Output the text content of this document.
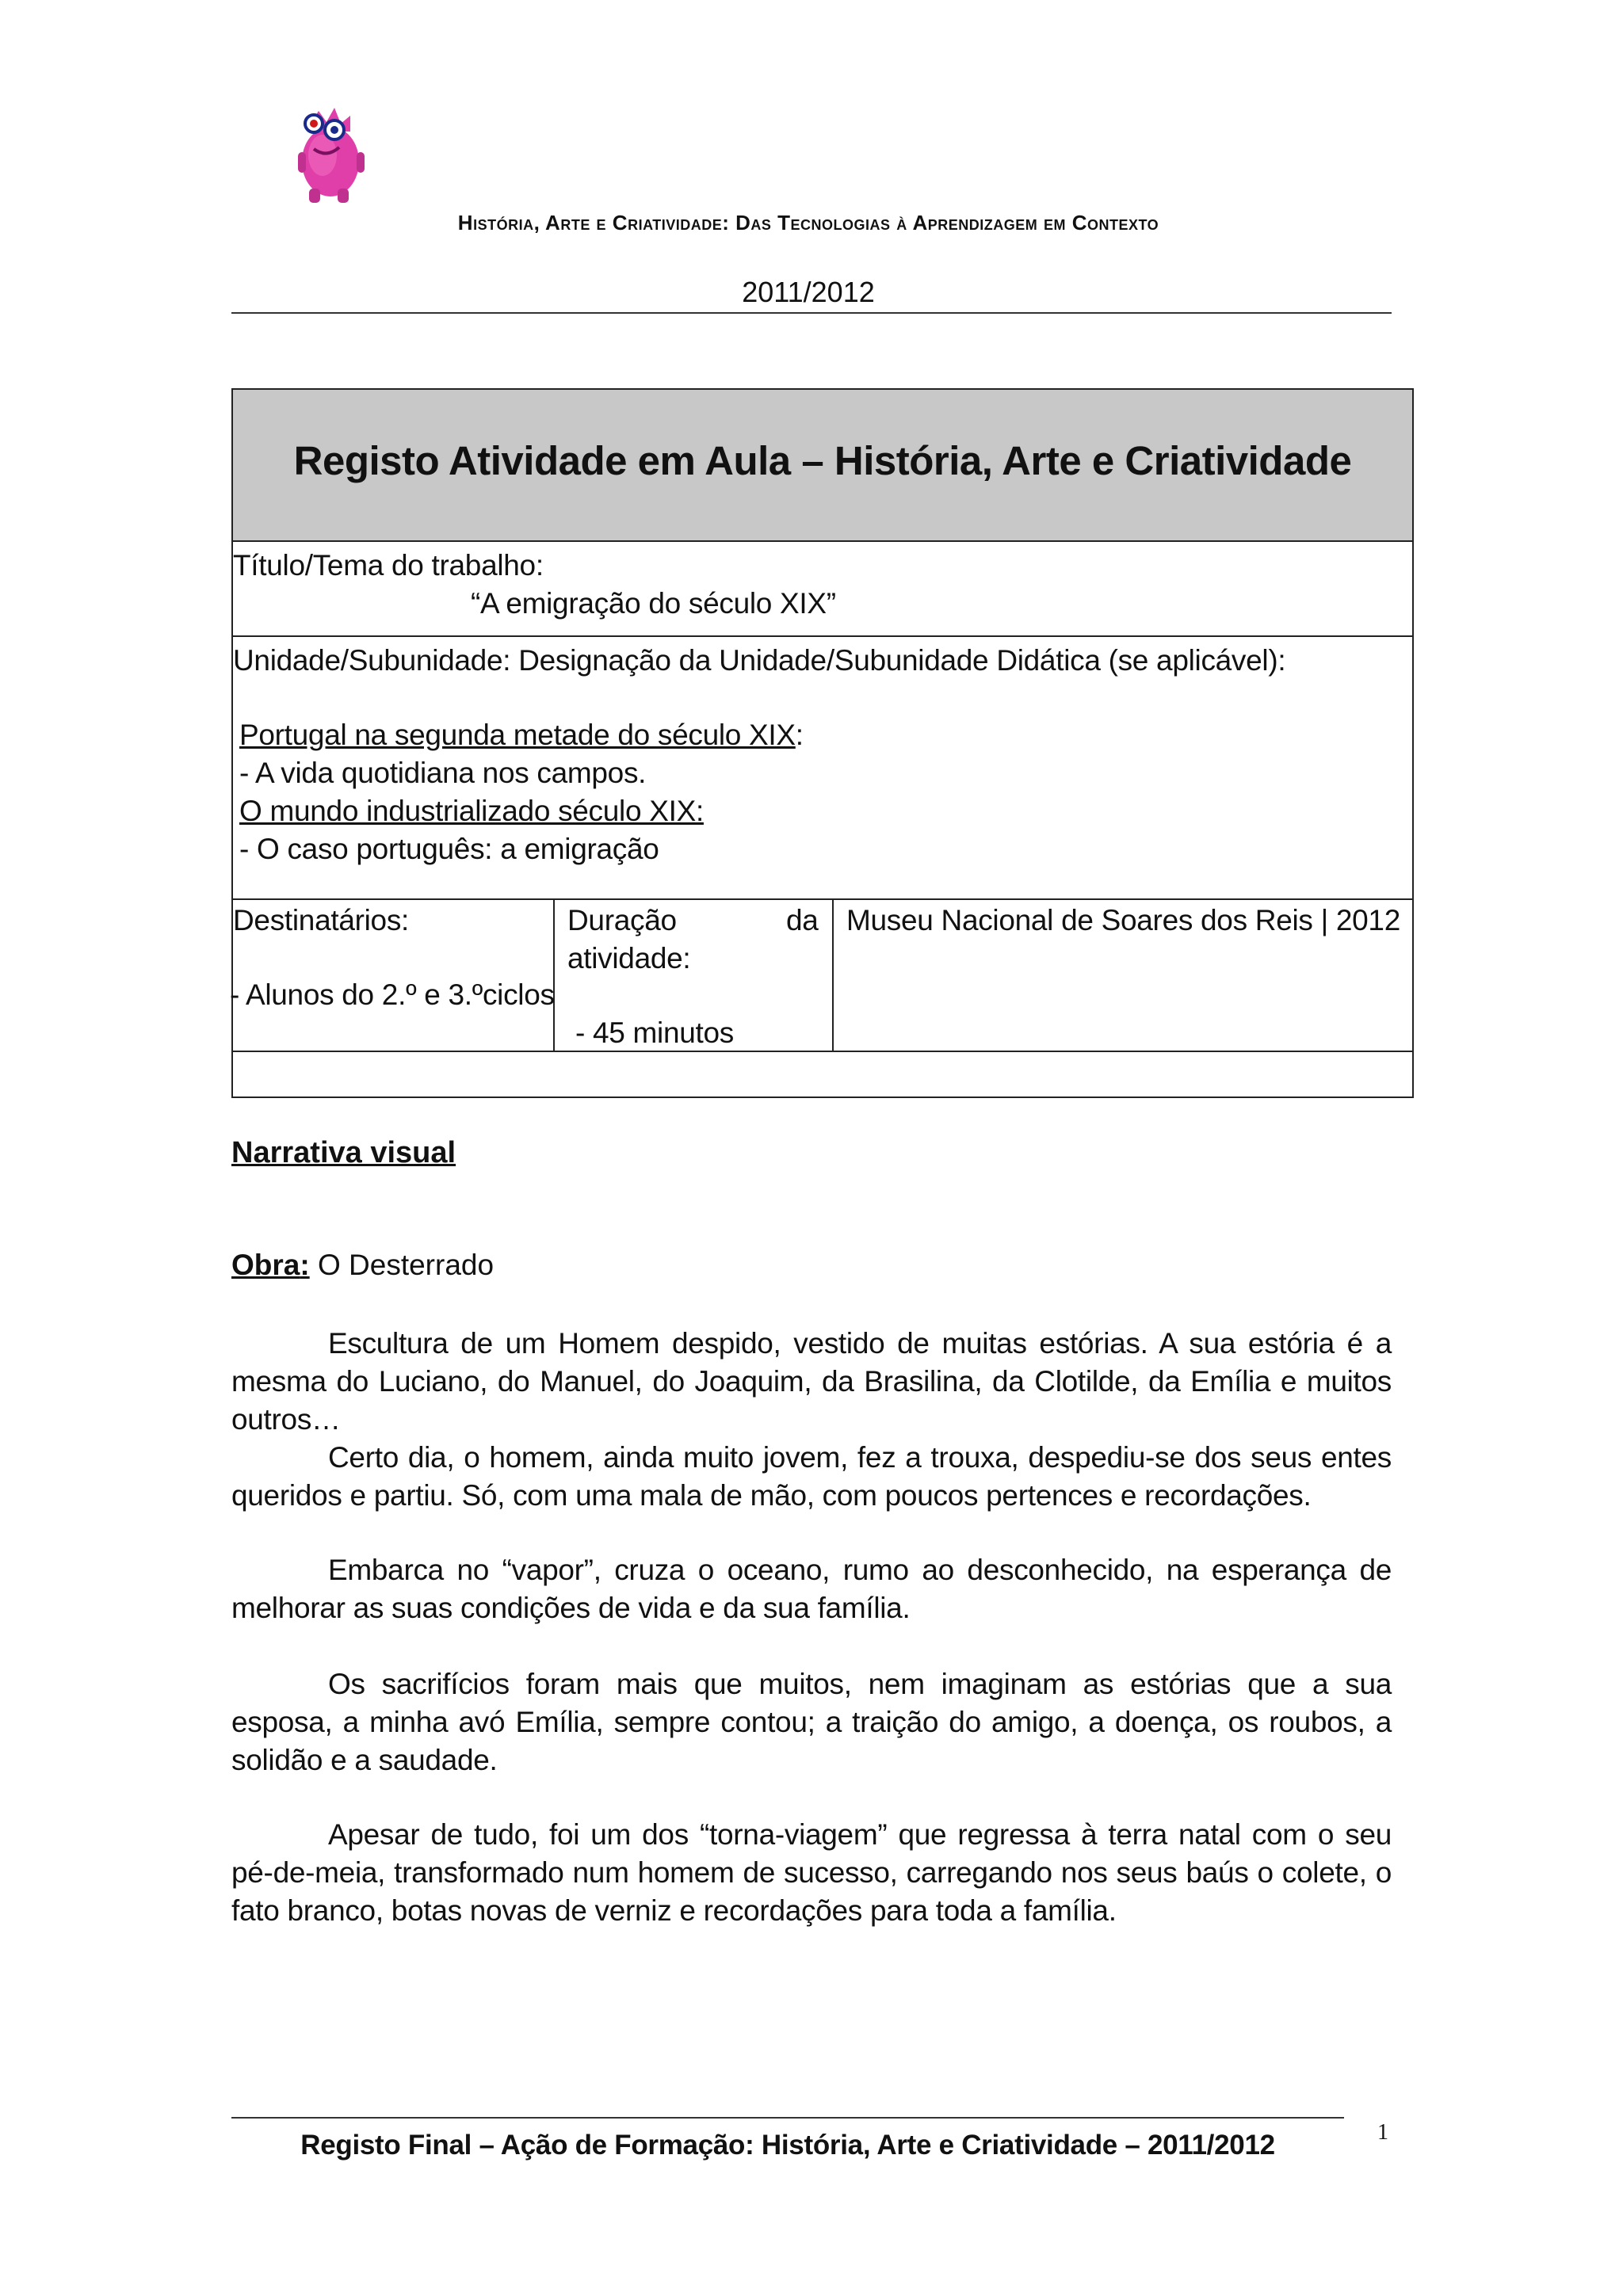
História, Arte e Criatividade: Das Tecnologias à Aprendizagem em Contexto
2011/2012
Registo Atividade em Aula – História, Arte e Criatividade
Título/Tema do trabalho:
“A emigração do século XIX”
Unidade/Subunidade: Designação da Unidade/Subunidade Didática (se aplicável):
Portugal na segunda metade do século XIX:
- A vida quotidiana nos campos.
O mundo industrializado século XIX:
- O caso português: a emigração
Destinatários:
- Alunos do 2.º e 3.ºciclos
Duração	da
atividade:
- 45 minutos
Museu Nacional de Soares dos Reis | 2012
Narrativa visual
Obra: O Desterrado
Escultura de um Homem despido, vestido de muitas estórias. A sua estória é a mesma do Luciano, do Manuel, do Joaquim, da Brasilina, da Clotilde, da Emília e muitos outros…
Certo dia, o homem, ainda muito jovem, fez a trouxa, despediu-se dos seus entes queridos e partiu. Só, com uma mala de mão, com poucos pertences e recordações.
Embarca no “vapor”, cruza o oceano, rumo ao desconhecido, na esperança de melhorar as suas condições de vida e da sua família.
Os sacrifícios foram mais que muitos, nem imaginam as estórias que a sua esposa, a minha avó Emília, sempre contou; a traição do amigo, a doença, os roubos, a solidão e a saudade.
Apesar de tudo, foi um dos “torna-viagem” que regressa à terra natal com o seu pé-de-meia, transformado num homem de sucesso, carregando nos seus baús o colete, o fato branco, botas novas de verniz e recordações para toda a família.
Registo Final – Ação de Formação: História, Arte e Criatividade – 2011/2012	1
